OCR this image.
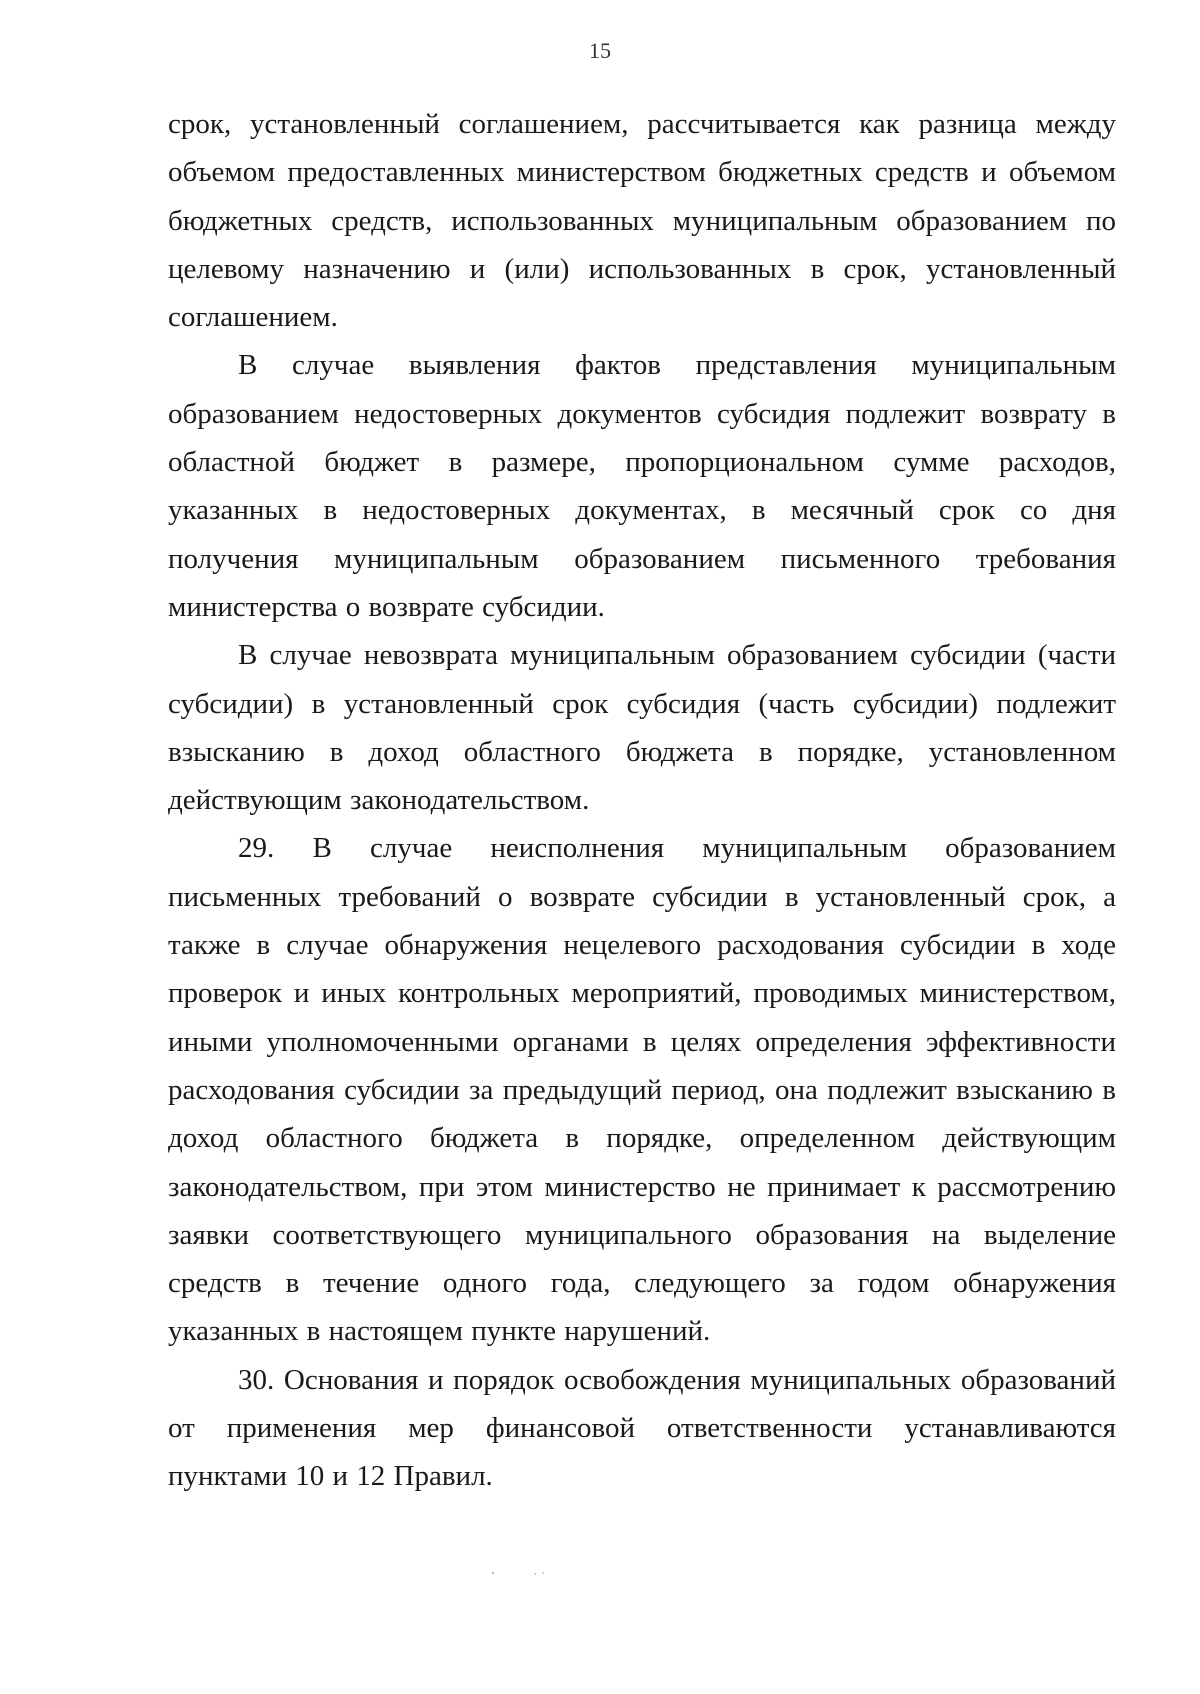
15

срок, установленный соглашением, рассчитывается как разница между объемом предоставленных министерством бюджетных средств и объемом бюджетных средств, использованных муниципальным образованием по целевому назначению и (или) использованных в срок, установленный соглашением.

В случае выявления фактов представления муниципальным образованием недостоверных документов субсидия подлежит возврату в областной бюджет в размере, пропорциональном сумме расходов, указанных в недостоверных документах, в месячный срок со дня получения муниципальным образованием письменного требования министерства о возврате субсидии.

В случае невозврата муниципальным образованием субсидии (части субсидии) в установленный срок субсидия (часть субсидии) подлежит взысканию в доход областного бюджета в порядке, установленном действующим законодательством.

29. В случае неисполнения муниципальным образованием письменных требований о возврате субсидии в установленный срок, а также в случае обнаружения нецелевого расходования субсидии в ходе проверок и иных контрольных мероприятий, проводимых министерством, иными уполномоченными органами в целях определения эффективности расходования субсидии за предыдущий период, она подлежит взысканию в доход областного бюджета в порядке, определенном действующим законодательством, при этом министерство не принимает к рассмотрению заявки соответствующего муниципального образования на выделение средств в течение одного года, следующего за годом обнаружения указанных в настоящем пункте нарушений.

30. Основания и порядок освобождения муниципальных образований от применения мер финансовой ответственности устанавливаются пунктами 10 и 12 Правил.
